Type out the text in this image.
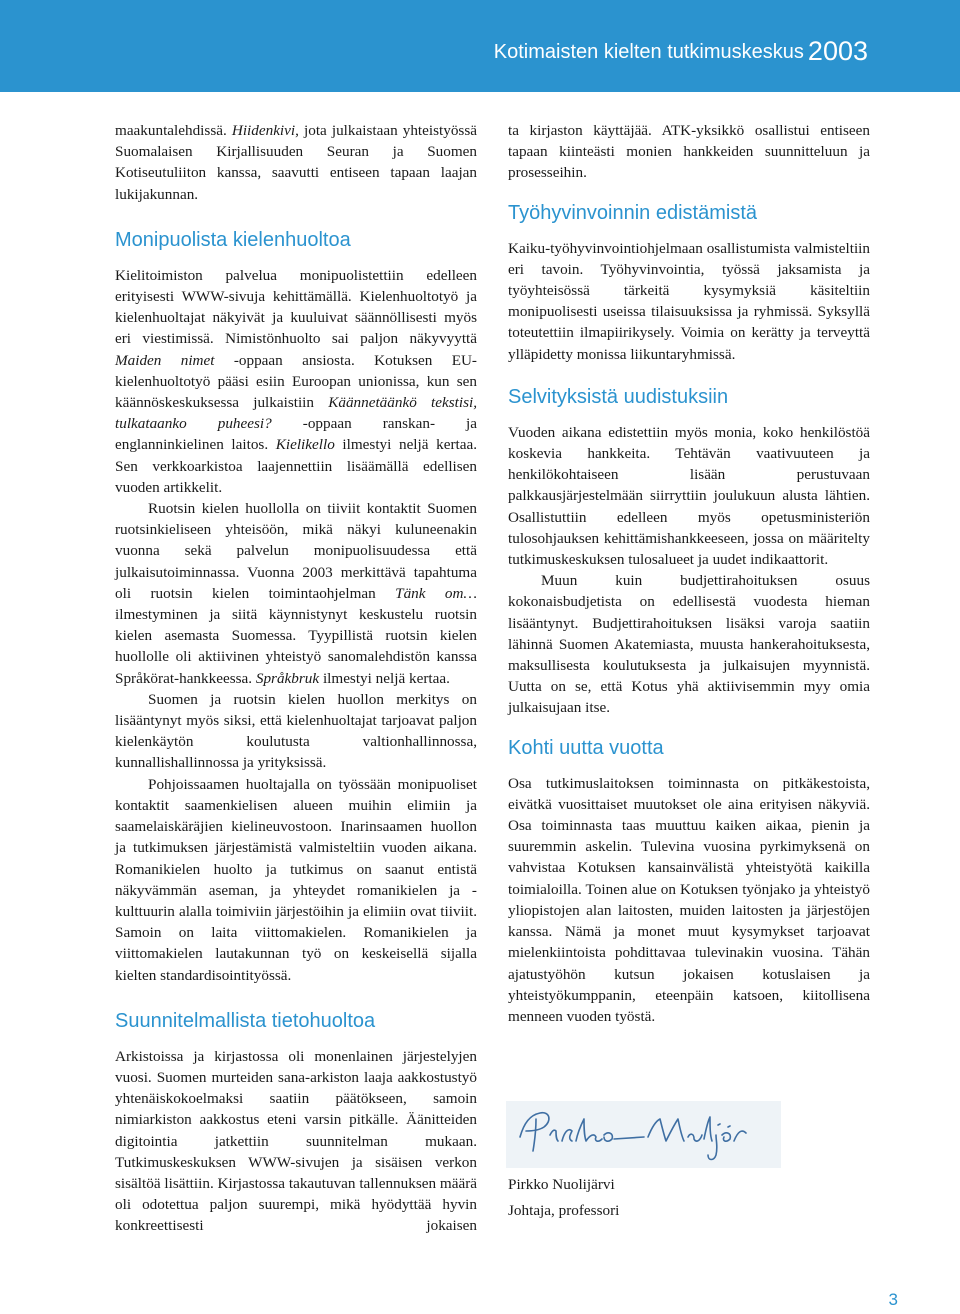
Kotimaisten kielten tutkimuskeskus 2003

maakuntalehdissä. Hiidenkivi, jota julkaistaan yhteistyössä Suomalaisen Kirjallisuuden Seuran ja Suomen Kotiseutuliiton kanssa, saavutti entiseen tapaan laajan lukijakunnan.

Monipuolista kielenhuoltoa

Kielitoimiston palvelua monipuolistettiin edelleen erityisesti WWW-sivuja kehittämällä. Kielenhuoltotyö ja kielenhuoltajat näkyivät ja kuuluivat säännöllisesti myös eri viestimissä. Nimistönhuolto sai paljon näkyvyyttä Maiden nimet -oppaan ansiosta. Kotuksen EU-kielenhuoltotyö pääsi esiin Euroopan unionissa, kun sen käännöskeskuksessa julkaistiin Käännetäänkö tekstisi, tulkataanko puheesi? -oppaan ranskan- ja englanninkielinen laitos. Kielikello ilmestyi neljä kertaa. Sen verkkoarkistoa laajennettiin lisäämällä edellisen vuoden artikkelit.

Ruotsin kielen huollolla on tiiviit kontaktit Suomen ruotsinkieliseen yhteisöön, mikä näkyi kuluneenakin vuonna sekä palvelun monipuolisuudessa että julkaisutoiminnassa. Vuonna 2003 merkittävä tapahtuma oli ruotsin kielen toimintaohjelman Tänk om… ilmestyminen ja siitä käynnistynyt keskustelu ruotsin kielen asemasta Suomessa. Tyypillistä ruotsin kielen huollolle oli aktiivinen yhteistyö sanomalehdistön kanssa Språkörat-hankkeessa. Språkbruk ilmestyi neljä kertaa.

Suomen ja ruotsin kielen huollon merkitys on lisääntynyt myös siksi, että kielenhuoltajat tarjoavat paljon kielenkäytön koulutusta valtionhallinnossa, kunnallishallinnossa ja yrityksissä.

Pohjoissaamen huoltajalla on työssään monipuoliset kontaktit saamenkielisen alueen muihin elimiin ja saamelaiskäräjien kielineuvostoon. Inarinsaamen huollon ja tutkimuksen järjestämistä valmisteltiin vuoden aikana. Romanikielen huolto ja tutkimus on saanut entistä näkyvämmän aseman, ja yhteydet romanikielen ja -kulttuurin alalla toimiviin järjestöihin ja elimiin ovat tiiviit. Samoin on laita viittomakielen. Romanikielen ja viittomakielen lautakunnan työ on keskeisellä sijalla kielten standardisointityössä.

Suunnitelmallista tietohuoltoa

Arkistoissa ja kirjastossa oli monenlainen järjestelyjen vuosi. Suomen murteiden sana-arkiston laaja aakkostustyö yhtenäiskokoelmaksi saatiin päätökseen, samoin nimiarkiston aakkostus eteni varsin pitkälle. Äänitteiden digitointia jatkettiin suunnitelman mukaan. Tutkimuskeskuksen WWW-sivujen ja sisäisen verkon sisältöä lisättiin. Kirjastossa takautuvan tallennuksen määrä oli odotettua paljon suurempi, mikä hyödyttää hyvin konkreettisesti jokaisen

ta kirjaston käyttäjää. ATK-yksikkö osallistui entiseen tapaan kiinteästi monien hankkeiden suunnitteluun ja prosesseihin.

Työhyvinvoinnin edistämistä

Kaiku-työhyvinvointiohjelmaan osallistumista valmisteltiin eri tavoin. Työhyvinvointia, työssä jaksamista ja työyhteisössä tärkeitä kysymyksiä käsiteltiin monipuolisesti useissa tilaisuuksissa ja ryhmissä. Syksyllä toteutettiin ilmapiirikysely. Voimia on kerätty ja terveyttä ylläpidetty monissa liikuntaryhmissä.

Selvityksistä uudistuksiin

Vuoden aikana edistettiin myös monia, koko henkilöstöä koskevia hankkeita. Tehtävän vaativuuteen ja henkilökohtaiseen lisään perustuvaan palkkausjärjestelmään siirryttiin joulukuun alusta lähtien. Osallistuttiin edelleen myös opetusministeriön tulosohjauksen kehittämishankkeeseen, jossa on määritelty tutkimuskeskuksen tulosalueet ja uudet indikaattorit.

Muun kuin budjettirahoituksen osuus kokonaisbudjetista on edellisestä vuodesta hieman lisääntynyt. Budjettirahoituksen lisäksi varoja saatiin lähinnä Suomen Akatemiasta, muusta hankerahoituksesta, maksullisesta koulutuksesta ja julkaisujen myynnistä. Uutta on se, että Kotus yhä aktiivisemmin myy omia julkaisujaan itse.

Kohti uutta vuotta

Osa tutkimuslaitoksen toiminnasta on pitkäkestoista, eivätkä vuosittaiset muutokset ole aina erityisen näkyviä. Osa toiminnasta taas muuttuu kaiken aikaa, pienin ja suuremmin askelin. Tulevina vuosina pyrkimyksenä on vahvistaa Kotuksen kansainvälistä yhteistyötä kaikilla toimialoilla. Toinen alue on Kotuksen työnjako ja yhteistyö yliopistojen alan laitosten, muiden laitosten ja järjestöjen kanssa. Nämä ja monet muut kysymykset tarjoavat mielenkiintoista pohdittavaa tulevinakin vuosina. Tähän ajatustyöhön kutsun jokaisen kotuslaisen ja yhteistyökumppanin, eteenpäin katsoen, kiitollisena menneen vuoden työstä.

Pirkko Nuolijärvi
Johtaja, professori
3
